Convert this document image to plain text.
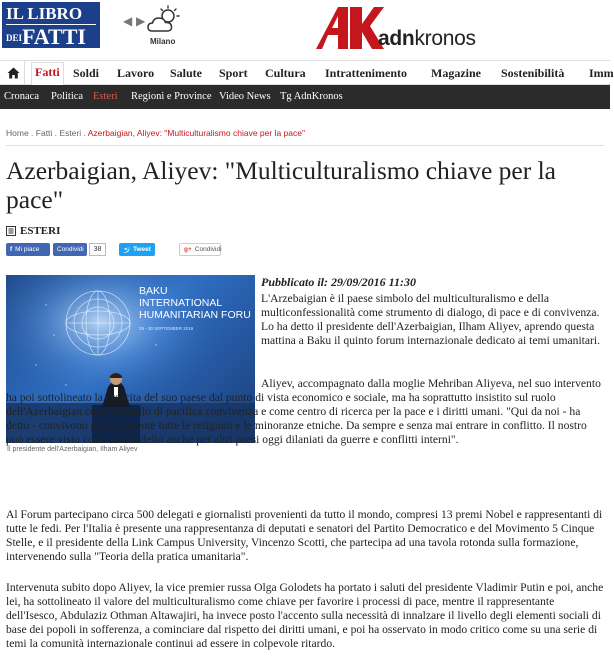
IL LIBRO
DEIFATTI
◀ ▶
Milano	adnkronos
Fatti	Soldi Lavoro Salute Sport Cultura Intrattenimento Magazine Sostenibilità Imm
Cronaca Politica Esteri Regioni e Province Video News Tg AdnKronos
Home . Fatti . Esteri . Azerbaigian, Aliyev: "Multiculturalismo chiave per la pace"
Azerbaigian, Aliyev: "Multiculturalismo chiave per la pace"
ESTERI
f Mi piace	Condividi	38	Tweet	g+ Condividi
BAKU
INTERNATIONAL
HUMANITARIAN FORU
29 - 30 SEPTEMBER 2016
Il presidente dell'Azerbaigian, Ilham Aliyev
Pubblicato il: 29/09/2016 11:30

L'Arzebaigian è il paese simbolo del multiculturalismo e della multiconfessionalità come strumento di dialogo, di pace e di convivenza. Lo ha detto il presidente dell'Azerbaigian, Ilham Aliyev, aprendo questa mattina a Baku il quinto forum internazionale dedicato ai temi umanitari.

Aliyev, accompagnato dalla moglie Mehriban Aliyeva, nel suo intervento ha poi sottolineato la crescita del suo paese dal punto di vista economico e sociale, ma ha soprattutto insistito sul ruolo dell'Azerbaigian come modello di pacifica convivenza e come centro di ricerca per la pace e i diritti umani. "Qui da noi - ha detto - convivono pacificamente tutte le religioni e le minoranze etniche. Da sempre e senza mai entrare in conflitto. Il nostro può essere visto come un modello anche per altri paesi oggi dilaniati da guerre e conflitti interni".

Al Forum partecipano circa 500 delegati e giornalisti provenienti da tutto il mondo, compresi 13 premi Nobel e rappresentanti di tutte le fedi. Per l'Italia è presente una rappresentanza di deputati e senatori del Partito Democratico e del Movimento 5 Cinque Stelle, e il presidente della Link Campus University, Vincenzo Scotti, che partecipa ad una tavola rotonda sulla formazione, intervenendo sulla "Teoria della pratica umanitaria".

Intervenuta subito dopo Aliyev, la vice premier russa Olga Golodets ha portato i saluti del presidente Vladimir Putin e poi, anche lei, ha sottolineato il valore del multiculturalismo come chiave per favorire i processi di pace, mentre il rappresentante dell'Isesco, Abdulaziz Othman Altawajiri, ha invece posto l'accento sulla necessità di innalzare il livello degli elementi sociali di base dei popoli in sofferenza, a cominciare dal rispetto dei diritti umani, e poi ha osservato in modo critico come su una serie di temi la comunità internazionale continui ad essere in colpevole ritardo.
